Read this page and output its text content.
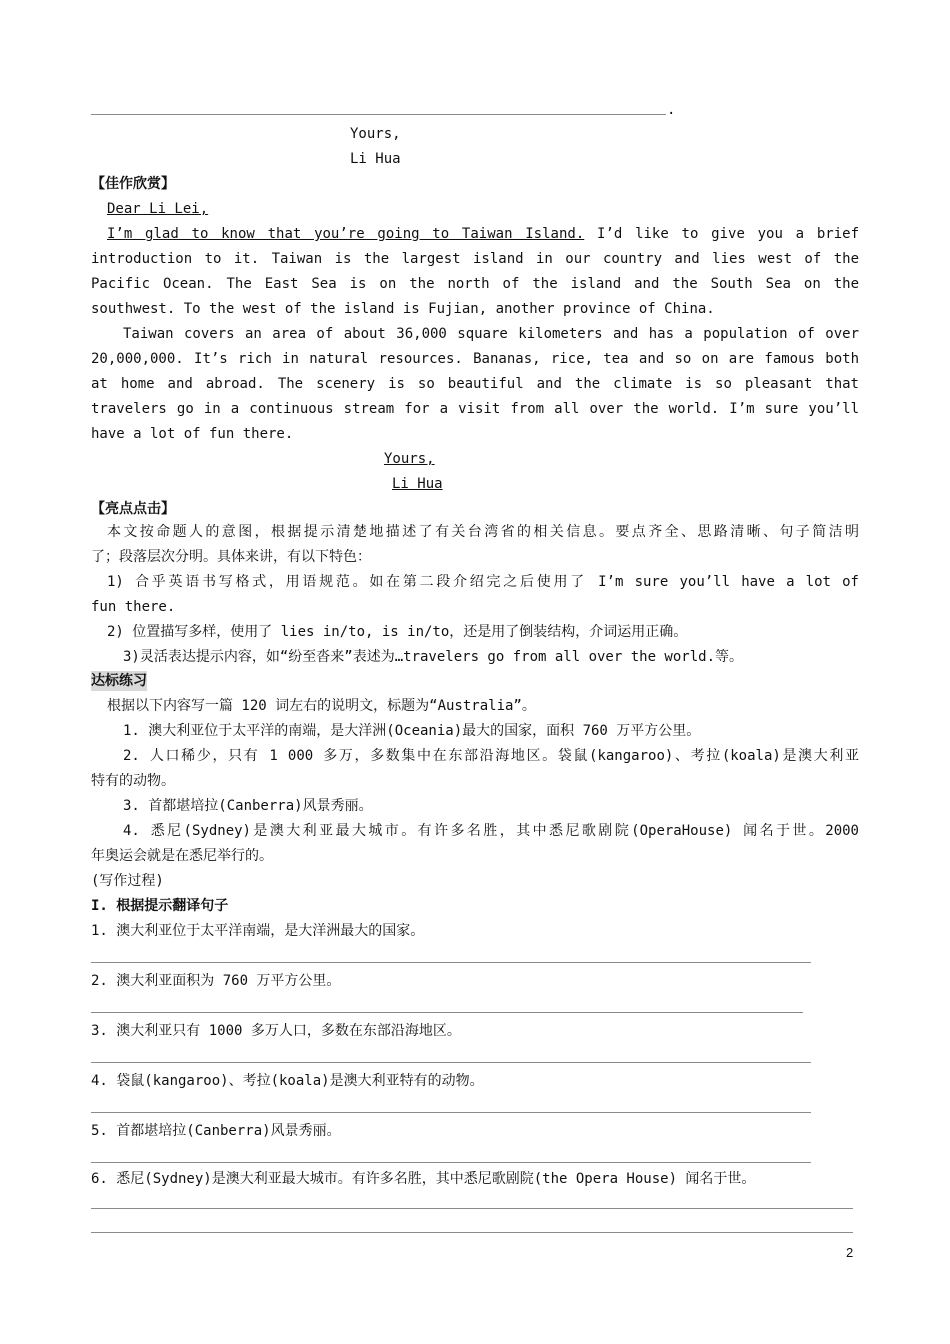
.
Yours,
Li Hua
【佳作欣赏】
Dear Li Lei,
I’m glad to know that you’re going to Taiwan Island. I’d like to give you a brief
introduction to it. Taiwan is the largest island in our country and lies west of the
Pacific Ocean. The East Sea is on the north of the island and the South Sea on the
southwest. To the west of the island is Fujian, another province of China.
Taiwan covers an area of about 36,000 square kilometers and has a population of over
20,000,000. It’s rich in natural resources. Bananas, rice, tea and so on are famous both
at home and abroad. The scenery is so beautiful and the climate is so pleasant that
travelers go in a continuous stream for a visit from all over the world. I’m sure you’ll
have a lot of fun there.
Yours,
Li Hua
【亮点点击】
本文按命题人的意图，根据提示清楚地描述了有关台湾省的相关信息。要点齐全、思路清晰、句子简洁明
了；段落层次分明。具体来讲，有以下特色：
1) 合乎英语书写格式，用语规范。如在第二段介绍完之后使用了 I’m sure you’ll have a lot of
fun there.
2) 位置描写多样，使用了 lies in/to, is in/to，还是用了倒装结构，介词运用正确。
3)灵活表达提示内容，如“纷至沓来”表述为…travelers go from all over the world.等。
达标练习
根据以下内容写一篇 120 词左右的说明文，标题为“Australia”。
1. 澳大利亚位于太平洋的南端，是大洋洲(Oceania)最大的国家，面积 760 万平方公里。
2. 人口稀少，只有 1 000 多万，多数集中在东部沿海地区。袋鼠(kangaroo)、考拉(koala)是澳大利亚
特有的动物。
3. 首都堪培拉(Canberra)风景秀丽。
4. 悉尼(Sydney)是澳大利亚最大城市。有许多名胜，其中悉尼歌剧院(OperaHouse) 闻名于世。2000
年奥运会就是在悉尼举行的。
(写作过程)
I. 根据提示翻译句子
1. 澳大利亚位于太平洋南端，是大洋洲最大的国家。
2. 澳大利亚面积为 760 万平方公里。
3. 澳大利亚只有 1000 多万人口，多数在东部沿海地区。
4. 袋鼠(kangaroo)、考拉(koala)是澳大利亚特有的动物。
5. 首都堪培拉(Canberra)风景秀丽。
6. 悉尼(Sydney)是澳大利亚最大城市。有许多名胜，其中悉尼歌剧院(the Opera House) 闻名于世。
2
